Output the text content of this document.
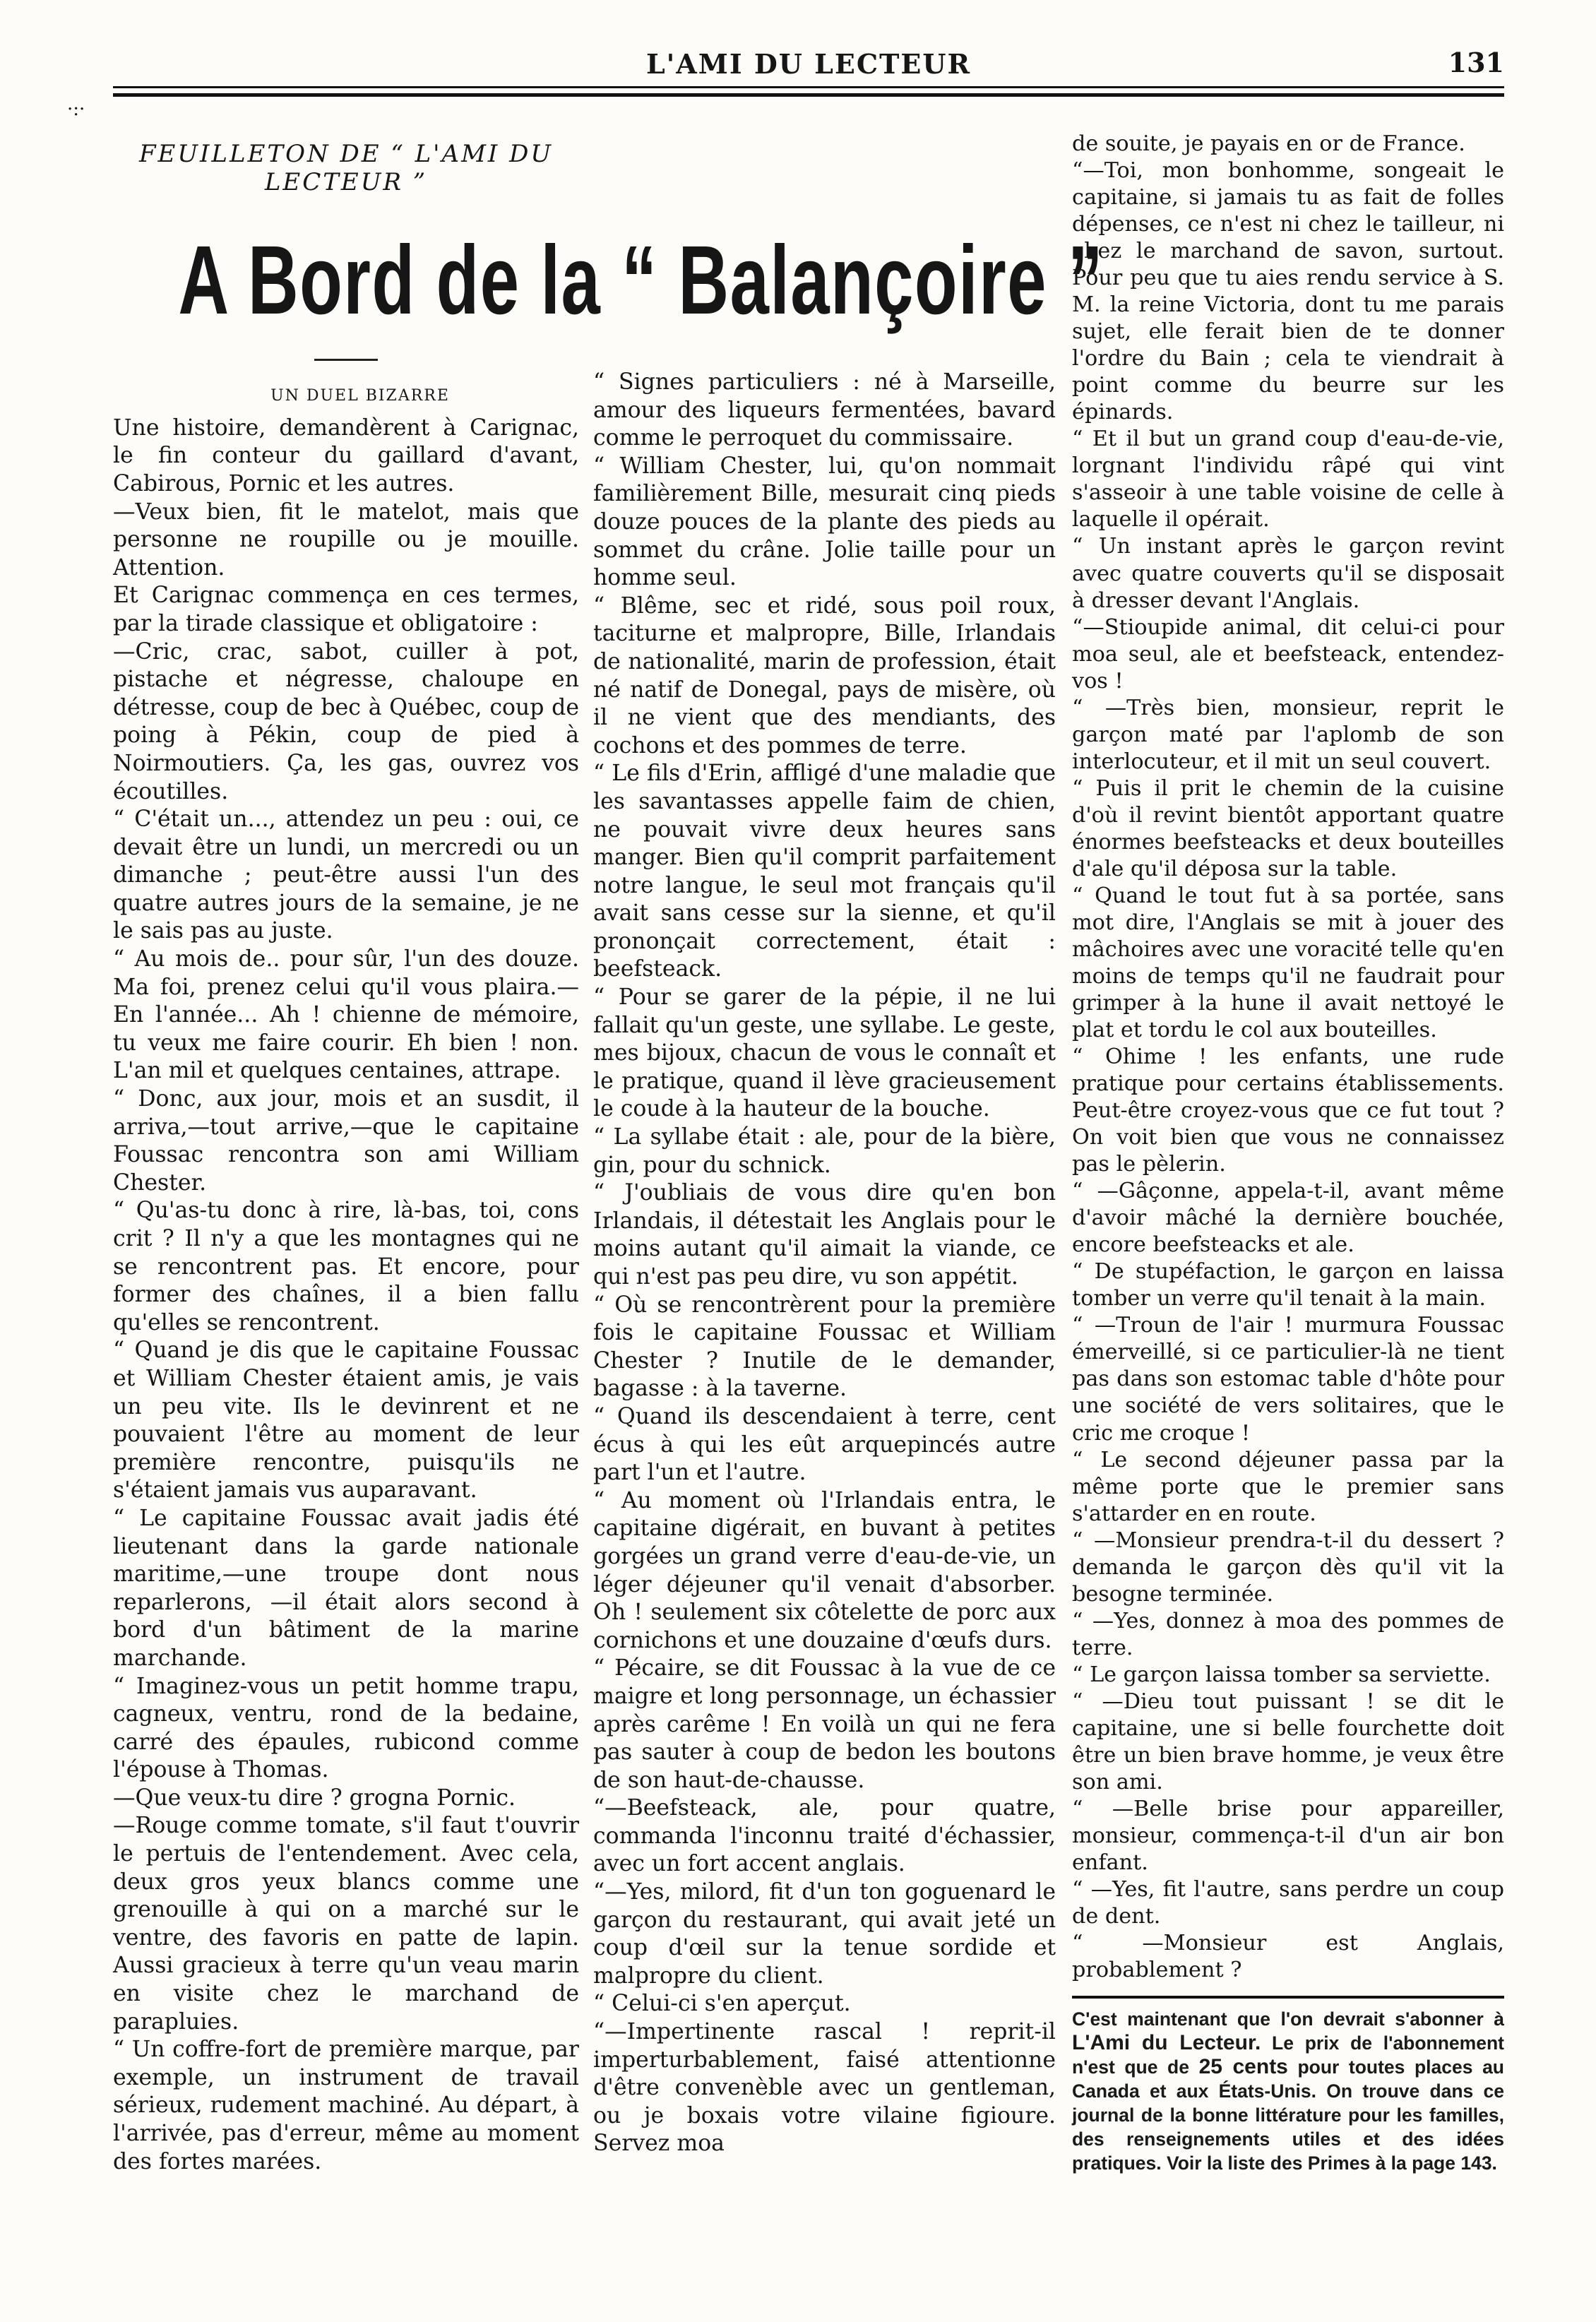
L'AMI DU LECTEUR	131
·:·
FEUILLETON DE “ L'AMI DU LECTEUR ”
A Bord de la “ Balançoire ”
UN DUEL BIZARRE

Une histoire, demandèrent à Carignac, le fin conteur du gaillard d'avant, Cabirous, Pornic et les autres.

—Veux bien, fit le matelot, mais que personne ne roupille ou je mouille. Attention.

Et Carignac commença en ces termes, par la tirade classique et obligatoire :

—Cric, crac, sabot, cuiller à pot, pistache et négresse, chaloupe en détresse, coup de bec à Québec, coup de poing à Pékin, coup de pied à Noirmoutiers. Ça, les gas, ouvrez vos écoutilles.

“ C'était un..., attendez un peu : oui, ce devait être un lundi, un mercredi ou un dimanche ; peut-être aussi l'un des quatre autres jours de la semaine, je ne le sais pas au juste.

“ Au mois de.. pour sûr, l'un des douze. Ma foi, prenez celui qu'il vous plaira.—En l'année... Ah ! chienne de mémoire, tu veux me faire courir. Eh bien ! non. L'an mil et quelques centaines, attrape.

“ Donc, aux jour, mois et an susdit, il arriva,—tout arrive,—que le capitaine Foussac rencontra son ami William Chester.

“ Qu'as-tu donc à rire, là-bas, toi, cons crit ? Il n'y a que les montagnes qui ne se rencontrent pas. Et encore, pour former des chaînes, il a bien fallu qu'elles se rencontrent.

“ Quand je dis que le capitaine Foussac et William Chester étaient amis, je vais un peu vite. Ils le devinrent et ne pouvaient l'être au moment de leur première rencontre, puisqu'ils ne s'étaient jamais vus auparavant.

“ Le capitaine Foussac avait jadis été lieutenant dans la garde nationale maritime,—une troupe dont nous reparlerons, —il était alors second à bord d'un bâtiment de la marine marchande.

“ Imaginez-vous un petit homme trapu, cagneux, ventru, rond de la bedaine, carré des épaules, rubicond comme l'épouse à Thomas.

—Que veux-tu dire ? grogna Pornic.

—Rouge comme tomate, s'il faut t'ouvrir le pertuis de l'entendement. Avec cela, deux gros yeux blancs comme une grenouille à qui on a marché sur le ventre, des favoris en patte de lapin. Aussi gracieux à terre qu'un veau marin en visite chez le marchand de parapluies.

“ Un coffre-fort de première marque, par exemple, un instrument de travail sérieux, rudement machiné. Au départ, à l'arrivée, pas d'erreur, même au moment des fortes marées.

“ Signes particuliers : né à Marseille, amour des liqueurs fermentées, bavard comme le perroquet du commissaire.

“ William Chester, lui, qu'on nommait familièrement Bille, mesurait cinq pieds douze pouces de la plante des pieds au sommet du crâne. Jolie taille pour un homme seul.

“ Blême, sec et ridé, sous poil roux, taciturne et malpropre, Bille, Irlandais de nationalité, marin de profession, était né natif de Donegal, pays de misère, où il ne vient que des mendiants, des cochons et des pommes de terre.

“ Le fils d'Erin, affligé d'une maladie que les savantasses appelle faim de chien, ne pouvait vivre deux heures sans manger. Bien qu'il comprit parfaitement notre langue, le seul mot français qu'il avait sans cesse sur la sienne, et qu'il prononçait correctement, était : beefsteack.

“ Pour se garer de la pépie, il ne lui fallait qu'un geste, une syllabe. Le geste, mes bijoux, chacun de vous le connaît et le pratique, quand il lève gracieusement le coude à la hauteur de la bouche.

“ La syllabe était : ale, pour de la bière, gin, pour du schnick.

“ J'oubliais de vous dire qu'en bon Irlandais, il détestait les Anglais pour le moins autant qu'il aimait la viande, ce qui n'est pas peu dire, vu son appétit.

“ Où se rencontrèrent pour la première fois le capitaine Foussac et William Chester ? Inutile de le demander, bagasse : à la taverne.

“ Quand ils descendaient à terre, cent écus à qui les eût arquepincés autre part l'un et l'autre.

“ Au moment où l'Irlandais entra, le capitaine digérait, en buvant à petites gorgées un grand verre d'eau-de-vie, un léger déjeuner qu'il venait d'absorber. Oh ! seulement six côtelette de porc aux cornichons et une douzaine d'œufs durs.

“ Pécaire, se dit Foussac à la vue de ce maigre et long personnage, un échassier après carême ! En voilà un qui ne fera pas sauter à coup de bedon les boutons de son haut-de-chausse.

“—Beefsteack, ale, pour quatre, commanda l'inconnu traité d'échassier, avec un fort accent anglais.

“—Yes, milord, fit d'un ton goguenard le garçon du restaurant, qui avait jeté un coup d'œil sur la tenue sordide et malpropre du client.

“ Celui-ci s'en aperçut.

“—Impertinente rascal ! reprit-il imperturbablement, faisé attentionne d'être convenèble avec un gentleman, ou je boxais votre vilaine figioure. Servez moa

de souite, je payais en or de France.

“—Toi, mon bonhomme, songeait le capitaine, si jamais tu as fait de folles dépenses, ce n'est ni chez le tailleur, ni chez le marchand de savon, surtout. Pour peu que tu aies rendu service à S. M. la reine Victoria, dont tu me parais sujet, elle ferait bien de te donner l'ordre du Bain ; cela te viendrait à point comme du beurre sur les épinards.

“ Et il but un grand coup d'eau-de-vie, lorgnant l'individu râpé qui vint s'asseoir à une table voisine de celle à laquelle il opérait.

“ Un instant après le garçon revint avec quatre couverts qu'il se disposait à dresser devant l'Anglais.

“—Stioupide animal, dit celui-ci pour moa seul, ale et beefsteack, entendez-vos !

“ —Très bien, monsieur, reprit le garçon maté par l'aplomb de son interlocuteur, et il mit un seul couvert.

“ Puis il prit le chemin de la cuisine d'où il revint bientôt apportant quatre énormes beefsteacks et deux bouteilles d'ale qu'il déposa sur la table.

“ Quand le tout fut à sa portée, sans mot dire, l'Anglais se mit à jouer des mâchoires avec une voracité telle qu'en moins de temps qu'il ne faudrait pour grimper à la hune il avait nettoyé le plat et tordu le col aux bouteilles.

“ Ohime ! les enfants, une rude pratique pour certains établissements. Peut-être croyez-vous que ce fut tout ? On voit bien que vous ne connaissez pas le pèlerin.

“ —Gâçonne, appela-t-il, avant même d'avoir mâché la dernière bouchée, encore beefsteacks et ale.

“ De stupéfaction, le garçon en laissa tomber un verre qu'il tenait à la main.

“ —Troun de l'air ! murmura Foussac émerveillé, si ce particulier-là ne tient pas dans son estomac table d'hôte pour une société de vers solitaires, que le cric me croque !

“ Le second déjeuner passa par la même porte que le premier sans s'attarder en en route.

“ —Monsieur prendra-t-il du dessert ? demanda le garçon dès qu'il vit la besogne terminée.

“ —Yes, donnez à moa des pommes de terre.

“ Le garçon laissa tomber sa serviette.

“ —Dieu tout puissant ! se dit le capitaine, une si belle fourchette doit être un bien brave homme, je veux être son ami.

“ —Belle brise pour appareiller, monsieur, commença-t-il d'un air bon enfant.

“ —Yes, fit l'autre, sans perdre un coup de dent.

“ —Monsieur est Anglais, probablement ?

C'est maintenant que l'on devrait s'abonner à L'Ami du Lecteur. Le prix de l'abonnement n'est que de 25 cents pour toutes places au Canada et aux États-Unis. On trouve dans ce journal de la bonne littérature pour les familles, des renseignements utiles et des idées pratiques. Voir la liste des Primes à la page 143.
